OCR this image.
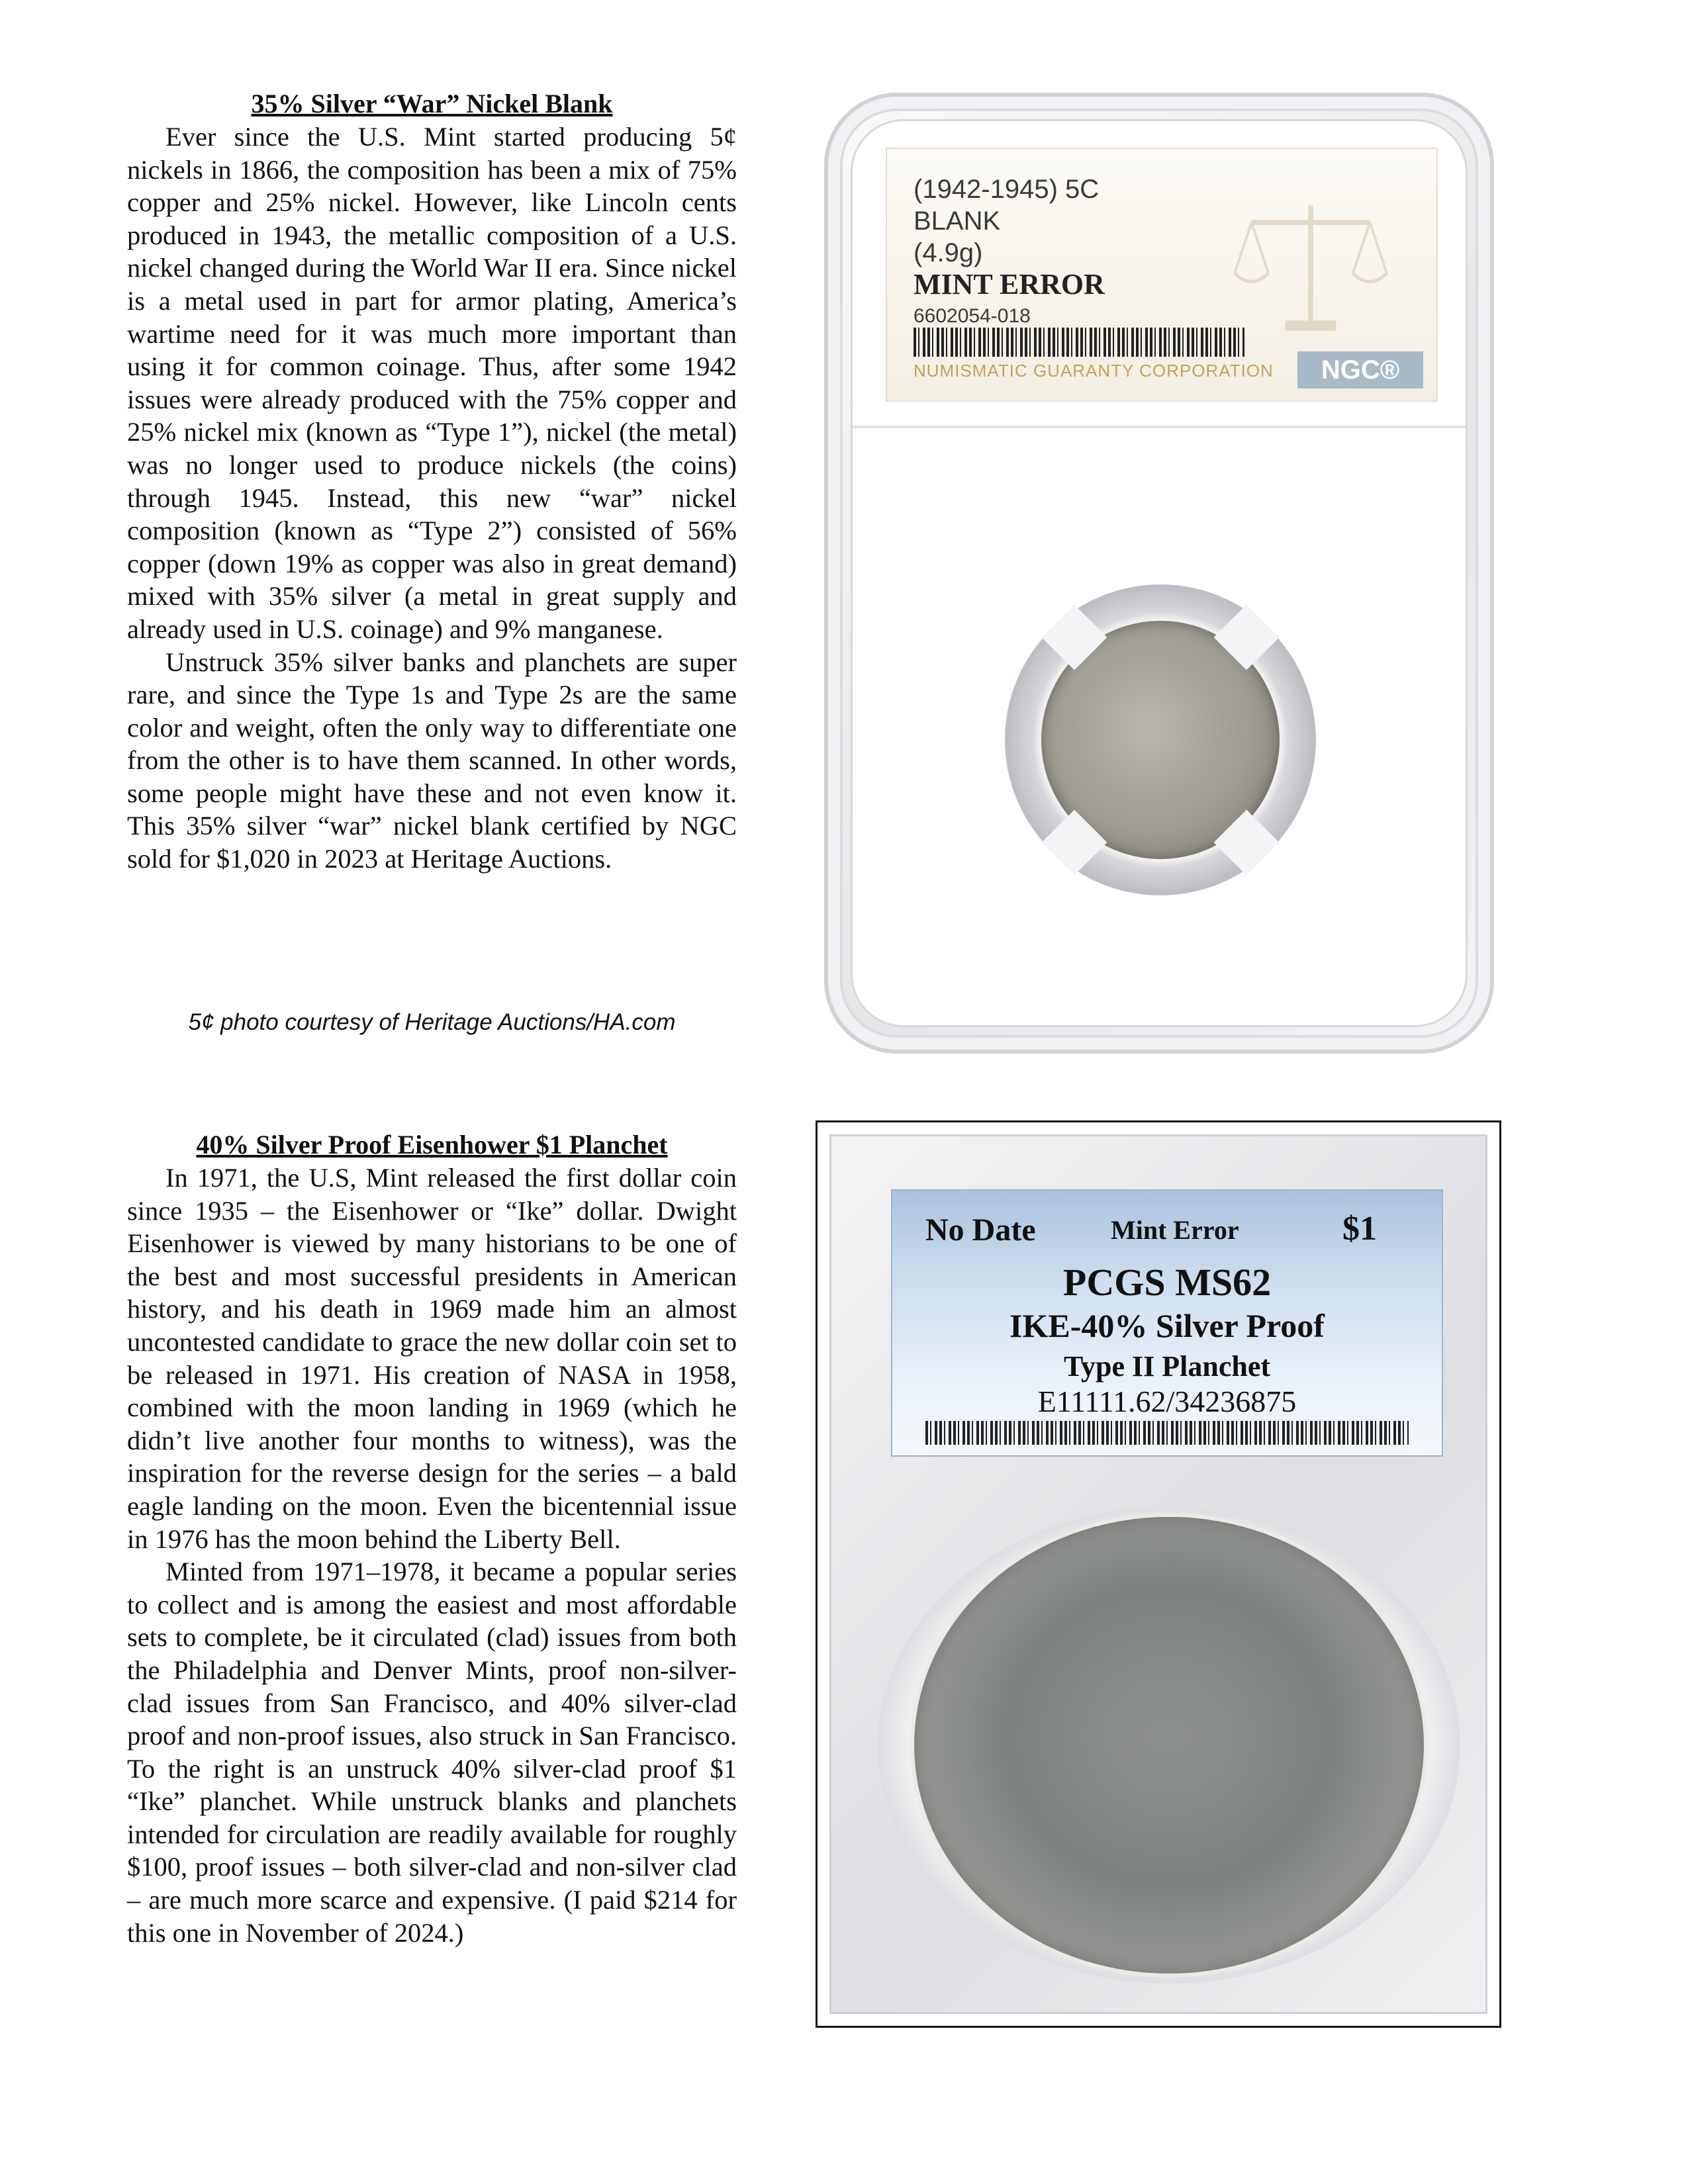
35% Silver “War” Nickel Blank

Ever since the U.S. Mint started producing 5¢ nickels in 1866, the composition has been a mix of 75% copper and 25% nickel. However, like Lincoln cents produced in 1943, the metallic composition of a U.S. nickel changed during the World War II era. Since nickel is a metal used in part for armor plating, America’s wartime need for it was much more important than using it for common coinage. Thus, after some 1942 issues were already produced with the 75% copper and 25% nickel mix (known as “Type 1”), nickel (the metal) was no longer used to produce nickels (the coins) through 1945. Instead, this new “war” nickel composition (known as “Type 2”) consisted of 56% copper (down 19% as copper was also in great demand) mixed with 35% silver (a metal in great supply and already used in U.S. coinage) and 9% manganese.

Unstruck 35% silver banks and planchets are super rare, and since the Type 1s and Type 2s are the same color and weight, often the only way to differentiate one from the other is to have them scanned. In other words, some people might have these and not even know it. This 35% silver “war” nickel blank certified by NGC sold for $1,020 in 2023 at Heritage Auctions.

5¢ photo courtesy of Heritage Auctions/HA.com
(1942-1945) 5C
BLANK
(4.9g)
MINT ERROR
6602054-018
NUMISMATIC GUARANTY CORPORATION	NGC®

40% Silver Proof Eisenhower $1 Planchet

In 1971, the U.S, Mint released the first dollar coin since 1935 – the Eisenhower or “Ike” dollar. Dwight Eisenhower is viewed by many historians to be one of the best and most successful presidents in American history, and his death in 1969 made him an almost uncontested candidate to grace the new dollar coin set to be released in 1971. His creation of NASA in 1958, combined with the moon landing in 1969 (which he didn’t live another four months to witness), was the inspiration for the reverse design for the series – a bald eagle landing on the moon. Even the bicentennial issue in 1976 has the moon behind the Liberty Bell.

Minted from 1971–1978, it became a popular series to collect and is among the easiest and most affordable sets to complete, be it circulated (clad) issues from both the Philadelphia and Denver Mints, proof non-silver-clad issues from San Francisco, and 40% silver-clad proof and non-proof issues, also struck in San Francisco. To the right is an unstruck 40% silver-clad proof $1 “Ike” planchet. While unstruck blanks and planchets intended for circulation are readily available for roughly $100, proof issues – both silver-clad and non-silver clad – are much more scarce and expensive. (I paid $214 for this one in November of 2024.)

No Date	Mint Error	$1
PCGS MS62
IKE-40% Silver Proof
Type II Planchet
E11111.62/34236875
